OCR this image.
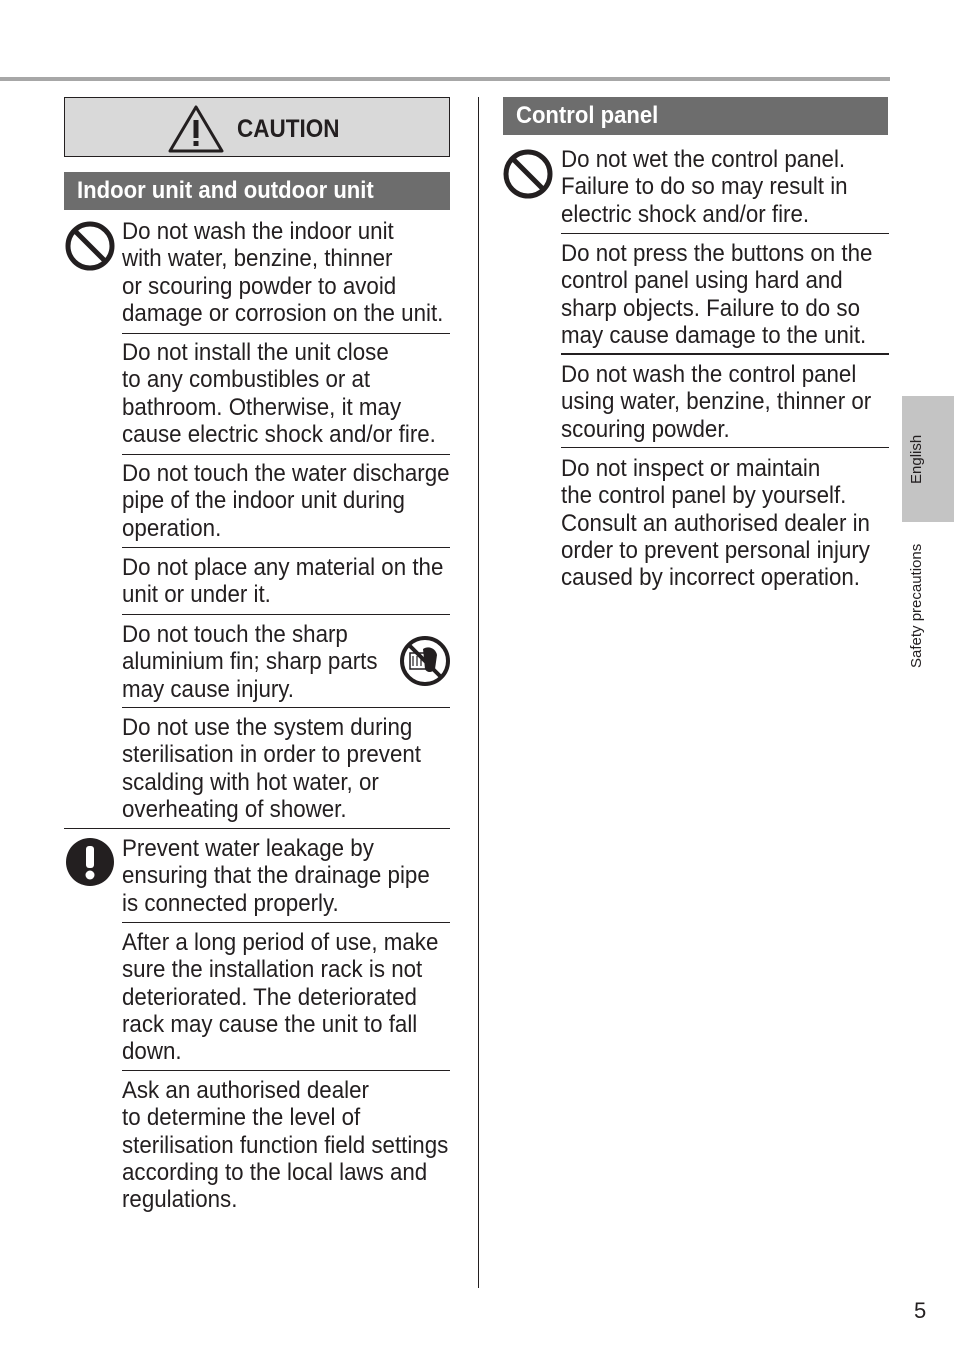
CAUTION
Indoor unit and outdoor unit
Do not wash the indoor unit
with water, benzine, thinner
or scouring powder to avoid
damage or corrosion on the unit.
Do not install the unit close
to any combustibles or at
bathroom. Otherwise, it may
cause electric shock and/or fire.
Do not touch the water discharge
pipe of the indoor unit during
operation.
Do not place any material on the
unit or under it.
Do not touch the sharp
aluminium fin; sharp parts
may cause injury.
Do not use the system during
sterilisation in order to prevent
scalding with hot water, or
overheating of shower.
Prevent water leakage by
ensuring that the drainage pipe
is connected properly.
After a long period of use, make
sure the installation rack is not
deteriorated. The deteriorated
rack may cause the unit to fall
down.
Ask an authorised dealer
to determine the level of
sterilisation function field settings
according to the local laws and
regulations.
Control panel
Do not wet the control panel.
Failure to do so may result in
electric shock and/or fire.
Do not press the buttons on the
control panel using hard and
sharp objects. Failure to do so
may cause damage to the unit.
Do not wash the control panel
using water, benzine, thinner or
scouring powder.
Do not inspect or maintain
the control panel by yourself.
Consult an authorised dealer in
order to prevent personal injury
caused by incorrect operation.
English
Safety precautions
5
